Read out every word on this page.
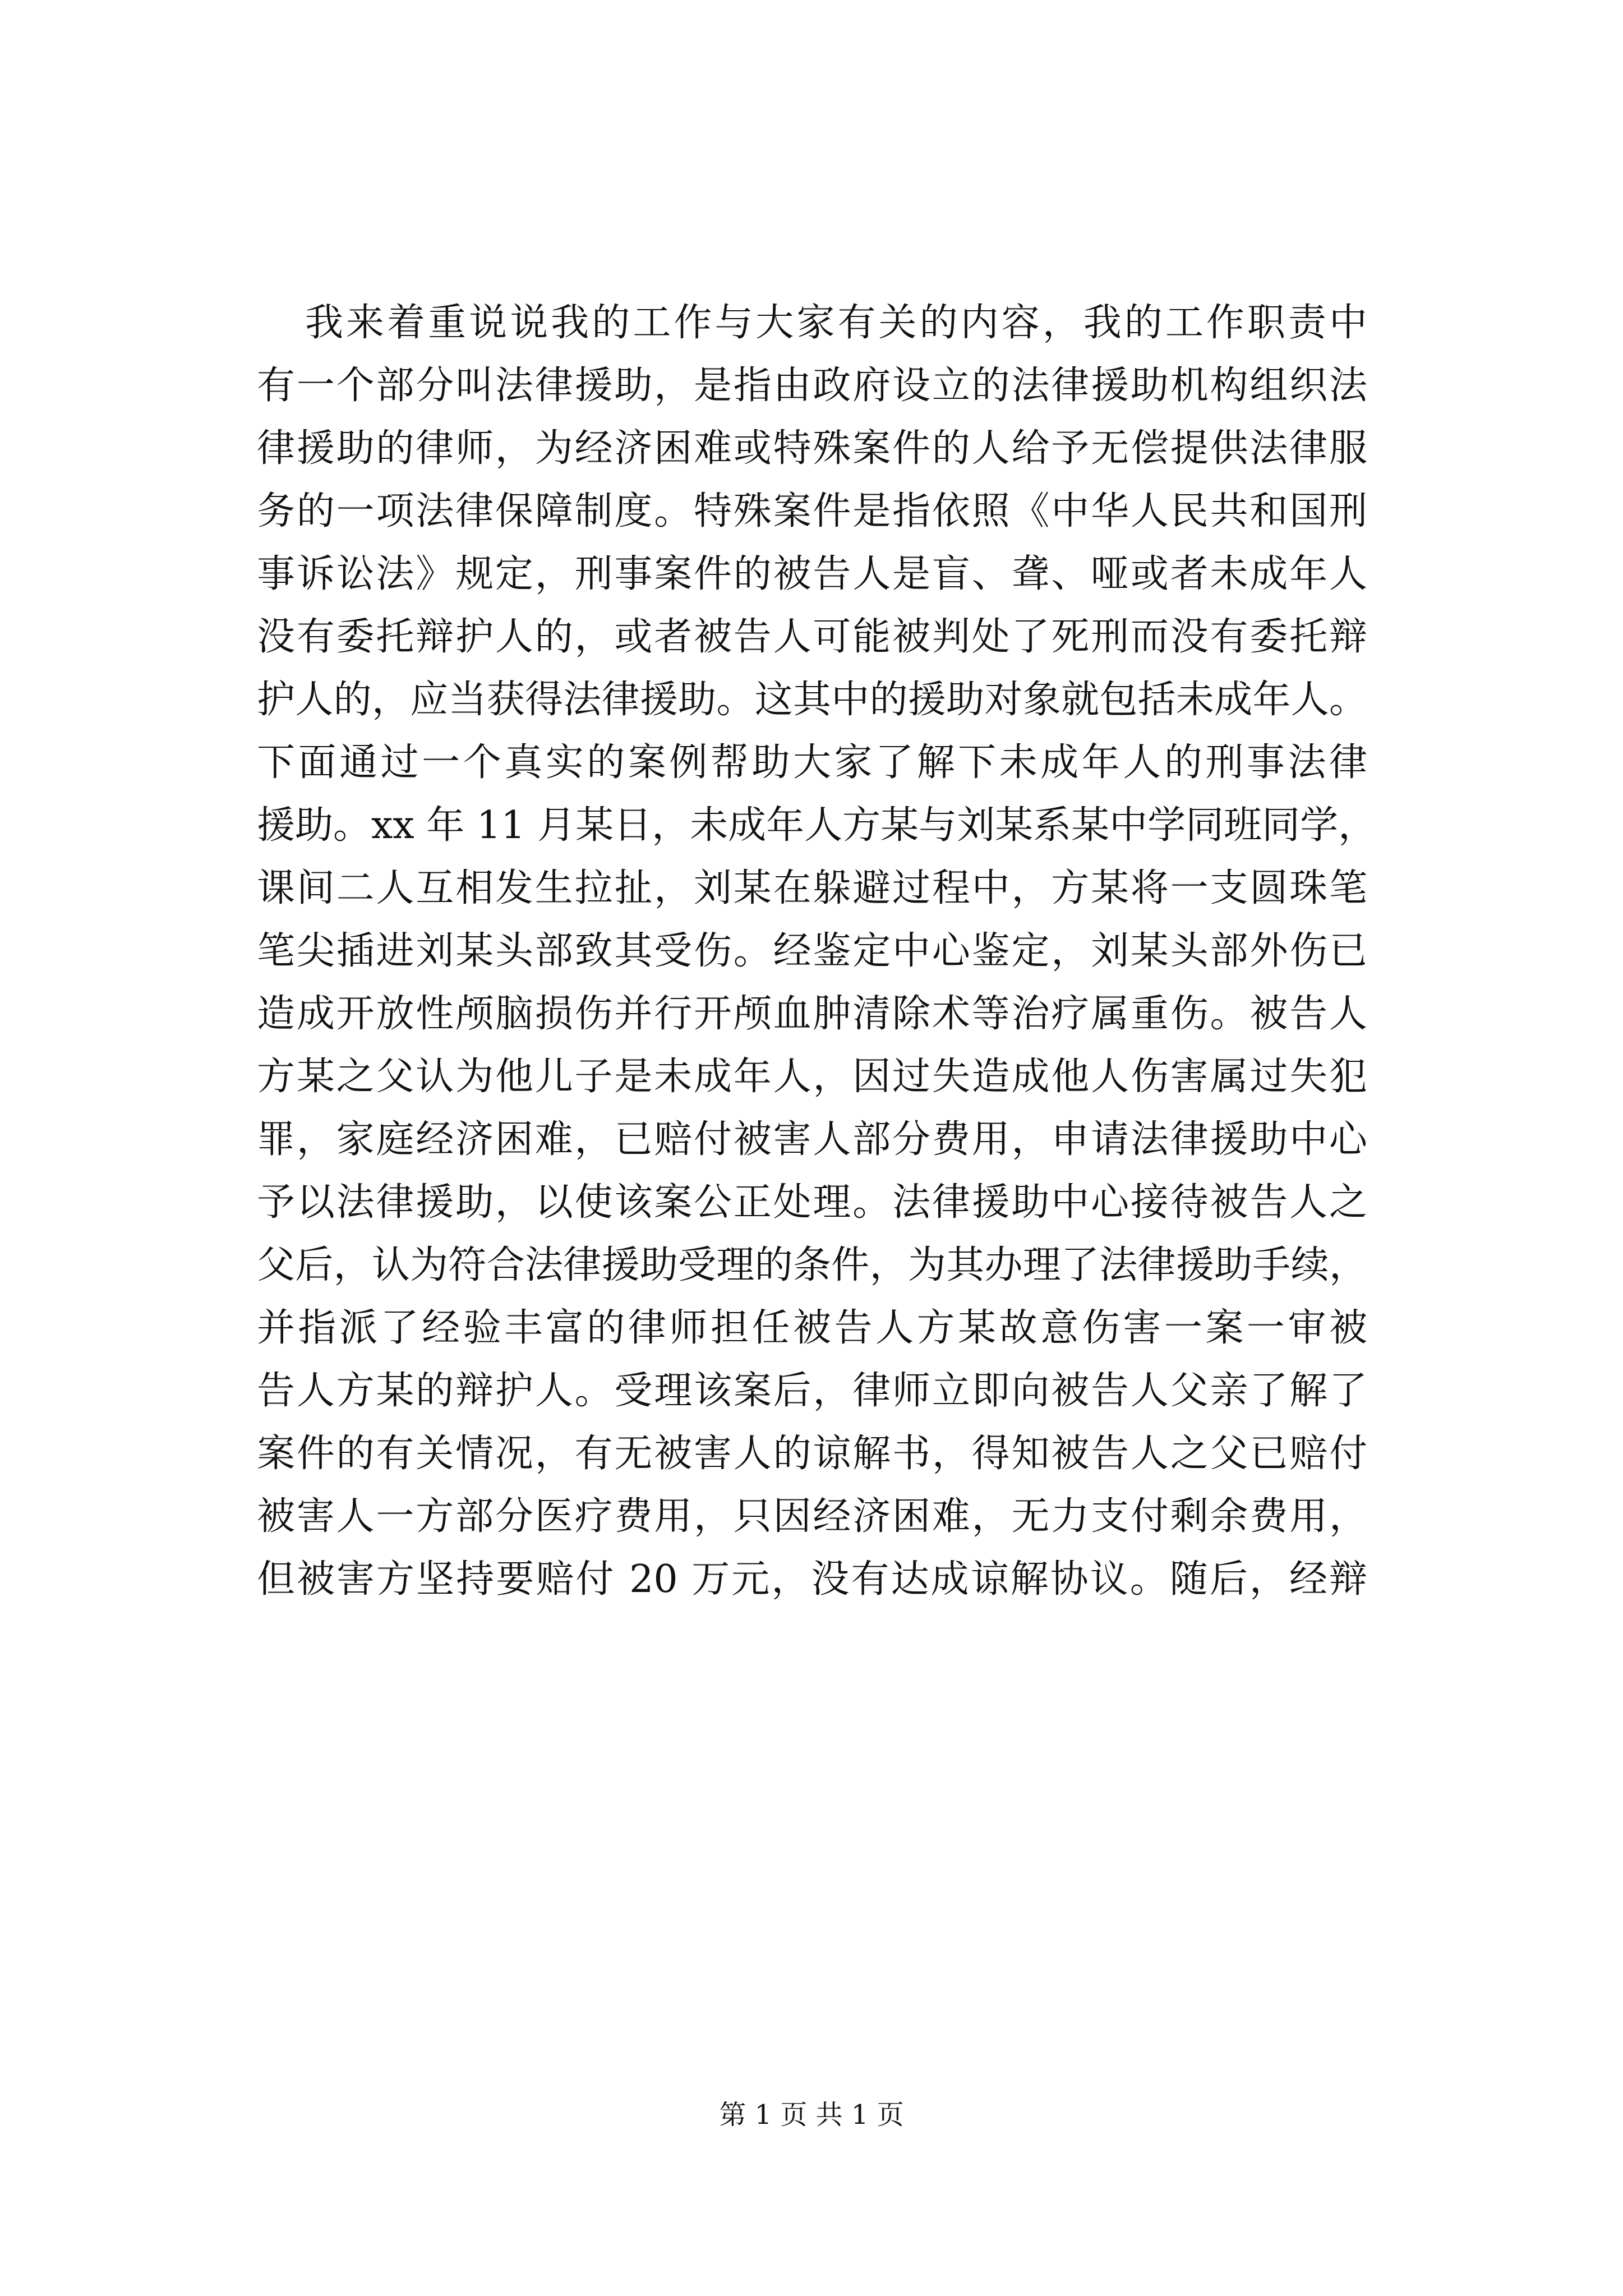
我来着重说说我的工作与大家有关的内容，我的工作职责中
有一个部分叫法律援助，是指由政府设立的法律援助机构组织法
律援助的律师，为经济困难或特殊案件的人给予无偿提供法律服
务的一项法律保障制度。特殊案件是指依照《中华人民共和国刑
事诉讼法》规定，刑事案件的被告人是盲、聋、哑或者未成年人
没有委托辩护人的，或者被告人可能被判处了死刑而没有委托辩
护人的，应当获得法律援助。这其中的援助对象就包括未成年人。
下面通过一个真实的案例帮助大家了解下未成年人的刑事法律
援助。xx 年 11 月某日，未成年人方某与刘某系某中学同班同学，
课间二人互相发生拉扯，刘某在躲避过程中，方某将一支圆珠笔
笔尖插进刘某头部致其受伤。经鉴定中心鉴定，刘某头部外伤已
造成开放性颅脑损伤并行开颅血肿清除术等治疗属重伤。被告人
方某之父认为他儿子是未成年人，因过失造成他人伤害属过失犯
罪，家庭经济困难，已赔付被害人部分费用，申请法律援助中心
予以法律援助，以使该案公正处理。法律援助中心接待被告人之
父后，认为符合法律援助受理的条件，为其办理了法律援助手续，
并指派了经验丰富的律师担任被告人方某故意伤害一案一审被
告人方某的辩护人。受理该案后，律师立即向被告人父亲了解了
案件的有关情况，有无被害人的谅解书，得知被告人之父已赔付
被害人一方部分医疗费用，只因经济困难，无力支付剩余费用，
但被害方坚持要赔付 20 万元，没有达成谅解协议。随后，经辩
第 1 页 共 1 页
